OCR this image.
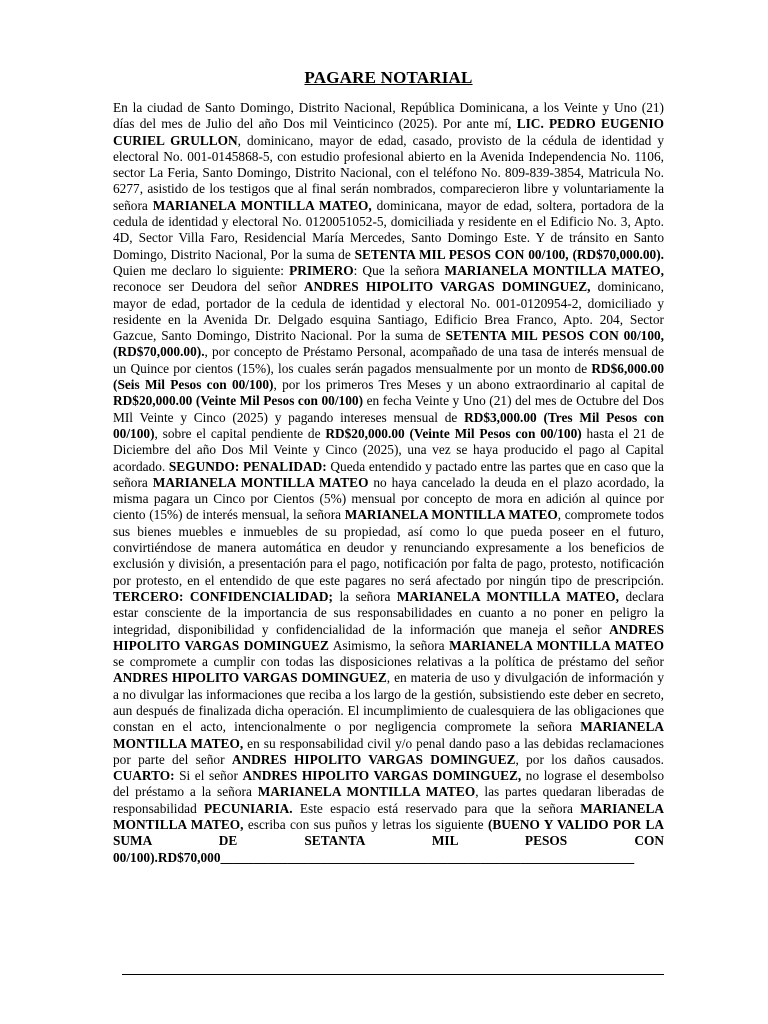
PAGARE NOTARIAL

En la ciudad de Santo Domingo, Distrito Nacional, República Dominicana, a los Veinte y Uno (21) días del mes de Julio del año Dos mil Veinticinco (2025). Por ante mí, LIC. PEDRO EUGENIO CURIEL GRULLON, dominicano, mayor de edad, casado, provisto de la cédula de identidad y electoral No. 001-0145868-5, con estudio profesional abierto en la Avenida Independencia No. 1106, sector La Feria, Santo Domingo, Distrito Nacional, con el teléfono No. 809-839-3854, Matricula No. 6277, asistido de los testigos que al final serán nombrados, comparecieron libre y voluntariamente la señora MARIANELA MONTILLA MATEO, dominicana, mayor de edad, soltera, portadora de la cedula de identidad y electoral No. 0120051052-5, domiciliada y residente en el Edificio No. 3, Apto. 4D, Sector Villa Faro, Residencial María Mercedes, Santo Domingo Este. Y de tránsito en Santo Domingo, Distrito Nacional, Por la suma de SETENTA MIL PESOS CON 00/100, (RD$70,000.00). Quien me declaro lo siguiente: PRIMERO: Que la señora MARIANELA MONTILLA MATEO, reconoce ser Deudora del señor ANDRES HIPOLITO VARGAS DOMINGUEZ, dominicano, mayor de edad, portador de la cedula de identidad y electoral No. 001-0120954-2, domiciliado y residente en la Avenida Dr. Delgado esquina Santiago, Edificio Brea Franco, Apto. 204, Sector Gazcue, Santo Domingo, Distrito Nacional. Por la suma de SETENTA MIL PESOS CON 00/100, (RD$70,000.00)., por concepto de Préstamo Personal, acompañado de una tasa de interés mensual de un Quince por cientos (15%), los cuales serán pagados mensualmente por un monto de RD$6,000.00 (Seis Mil Pesos con 00/100), por los primeros Tres Meses y un abono extraordinario al capital de RD$20,000.00 (Veinte Mil Pesos con 00/100) en fecha Veinte y Uno (21) del mes de Octubre del Dos MIl Veinte y Cinco (2025) y pagando intereses mensual de RD$3,000.00 (Tres Mil Pesos con 00/100), sobre el capital pendiente de RD$20,000.00 (Veinte Mil Pesos con 00/100) hasta el 21 de Diciembre del año Dos Mil Veinte y Cinco (2025), una vez se haya producido el pago al Capital acordado. SEGUNDO: PENALIDAD: Queda entendido y pactado entre las partes que en caso que la señora MARIANELA MONTILLA MATEO no haya cancelado la deuda en el plazo acordado, la misma pagara un Cinco por Cientos (5%) mensual por concepto de mora en adición al quince por ciento (15%) de interés mensual, la señora MARIANELA MONTILLA MATEO, compromete todos sus bienes muebles e inmuebles de su propiedad, así como lo que pueda poseer en el futuro, convirtiéndose de manera automática en deudor y renunciando expresamente a los beneficios de exclusión y división, a presentación para el pago, notificación por falta de pago, protesto, notificación por protesto, en el entendido de que este pagares no será afectado por ningún tipo de prescripción. TERCERO: CONFIDENCIALIDAD; la señora MARIANELA MONTILLA MATEO, declara estar consciente de la importancia de sus responsabilidades en cuanto a no poner en peligro la integridad, disponibilidad y confidencialidad de la información que maneja el señor ANDRES HIPOLITO VARGAS DOMINGUEZ Asimismo, la señora MARIANELA MONTILLA MATEO se compromete a cumplir con todas las disposiciones relativas a la política de préstamo del señor ANDRES HIPOLITO VARGAS DOMINGUEZ, en materia de uso y divulgación de información y a no divulgar las informaciones que reciba a los largo de la gestión, subsistiendo este deber en secreto, aun después de finalizada dicha operación. El incumplimiento de cualesquiera de las obligaciones que constan en el acto, intencionalmente o por negligencia compromete la señora MARIANELA MONTILLA MATEO, en su responsabilidad civil y/o penal dando paso a las debidas reclamaciones por parte del señor ANDRES HIPOLITO VARGAS DOMINGUEZ, por los daños causados. CUARTO: Si el señor ANDRES HIPOLITO VARGAS DOMINGUEZ, no lograse el desembolso del préstamo a la señora MARIANELA MONTILLA MATEO, las partes quedaran liberadas de responsabilidad PECUNIARIA. Este espacio está reservado para que la señora MARIANELA MONTILLA MATEO, escriba con sus puños y letras los siguiente (BUENO Y VALIDO POR LA SUMA DE SETANTA MIL PESOS CON 00/100).RD$70,000______________________________________________________________
